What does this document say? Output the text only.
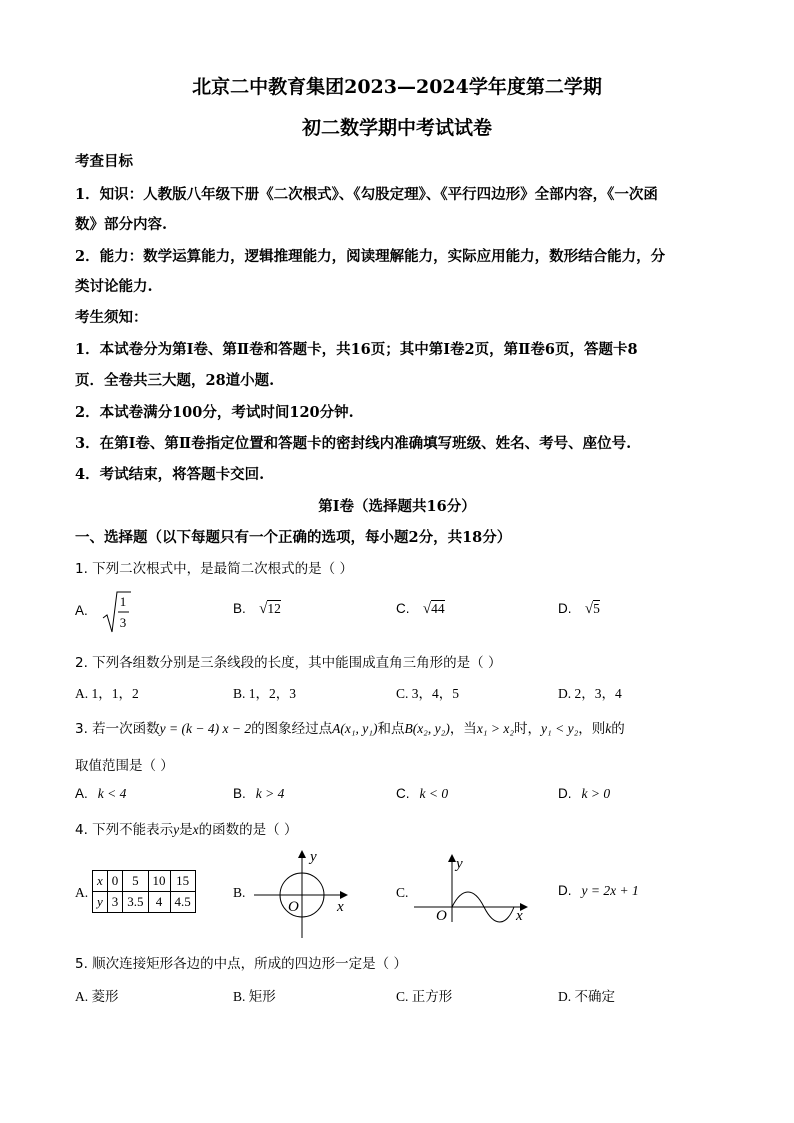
北京二中教育集团2023—2024学年度第二学期
初二数学期中考试试卷
考查目标
1．知识：人教版八年级下册《二次根式》、《勾股定理》、《平行四边形》全部内容，《一次函
数》部分内容.
2．能力：数学运算能力，逻辑推理能力，阅读理解能力，实际应用能力，数形结合能力，分
类讨论能力.
考生须知：
1．本试卷分为第Ⅰ卷、第Ⅱ卷和答题卡，共16页；其中第Ⅰ卷2页，第Ⅱ卷6页，答题卡8
页．全卷共三大题，28道小题.
2．本试卷满分100分，考试时间120分钟.
3．在第Ⅰ卷、第Ⅱ卷指定位置和答题卡的密封线内准确填写班级、姓名、考号、座位号.
4．考试结束，将答题卡交回.
第Ⅰ卷（选择题共16分）
一、选择题（以下每题只有一个正确的选项，每小题2分，共18分）
1. 下列二次根式中，是最简二次根式的是（ ）
A.
1
3
B. √12	C. √44	D. √5
2. 下列各组数分别是三条线段的长度，其中能围成直角三角形的是（ ）
A. 1，1，2	B. 1，2，3	C. 3，4，5	D. 2，3，4
3. 若一次函数y = (k − 4) x − 2的图象经过点A(x₁, y₁)和点B(x₂, y₂)，当x₁ > x₂时，y₁ < y₂，则k的
取值范围是（ ）
A. k < 4	B. k > 4	C. k < 0	D. k > 0
4. 下列不能表示y是x的函数的是（ ）
A.
x	0	5	10	15
y	3	3.5	4	4.5
B.
y
x
O
C.
y
x
O
D. y = 2x + 1
5. 顺次连接矩形各边的中点，所成的四边形一定是（ ）
A. 菱形	B. 矩形	C. 正方形	D. 不确定
